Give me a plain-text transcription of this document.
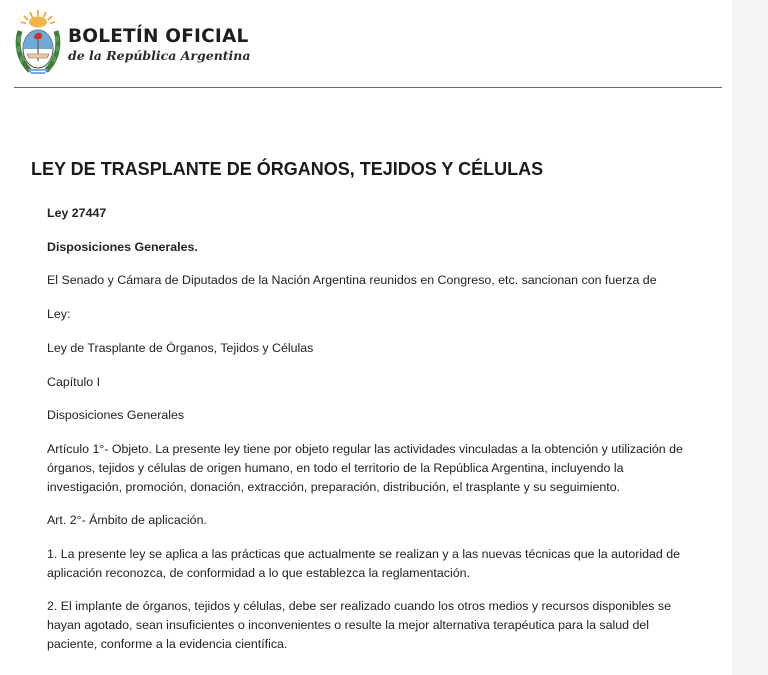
BOLETÍN OFICIAL
de la República Argentina
LEY DE TRASPLANTE DE ÓRGANOS, TEJIDOS Y CÉLULAS

Ley 27447

Disposiciones Generales.

El Senado y Cámara de Diputados de la Nación Argentina reunidos en Congreso, etc. sancionan con fuerza de

Ley:

Ley de Trasplante de Órganos, Tejidos y Células

Capítulo I

Disposiciones Generales

Artículo 1°- Objeto. La presente ley tiene por objeto regular las actividades vinculadas a la obtención y utilización de
órganos, tejidos y células de origen humano, en todo el territorio de la República Argentina, incluyendo la
investigación, promoción, donación, extracción, preparación, distribución, el trasplante y su seguimiento.
Art. 2°- Ámbito de aplicación.
1. La presente ley se aplica a las prácticas que actualmente se realizan y a las nuevas técnicas que la autoridad de
aplicación reconozca, de conformidad a lo que establezca la reglamentación.
2. El implante de órganos, tejidos y células, debe ser realizado cuando los otros medios y recursos disponibles se
hayan agotado, sean insuficientes o inconvenientes o resulte la mejor alternativa terapéutica para la salud del
paciente, conforme a la evidencia científica.
